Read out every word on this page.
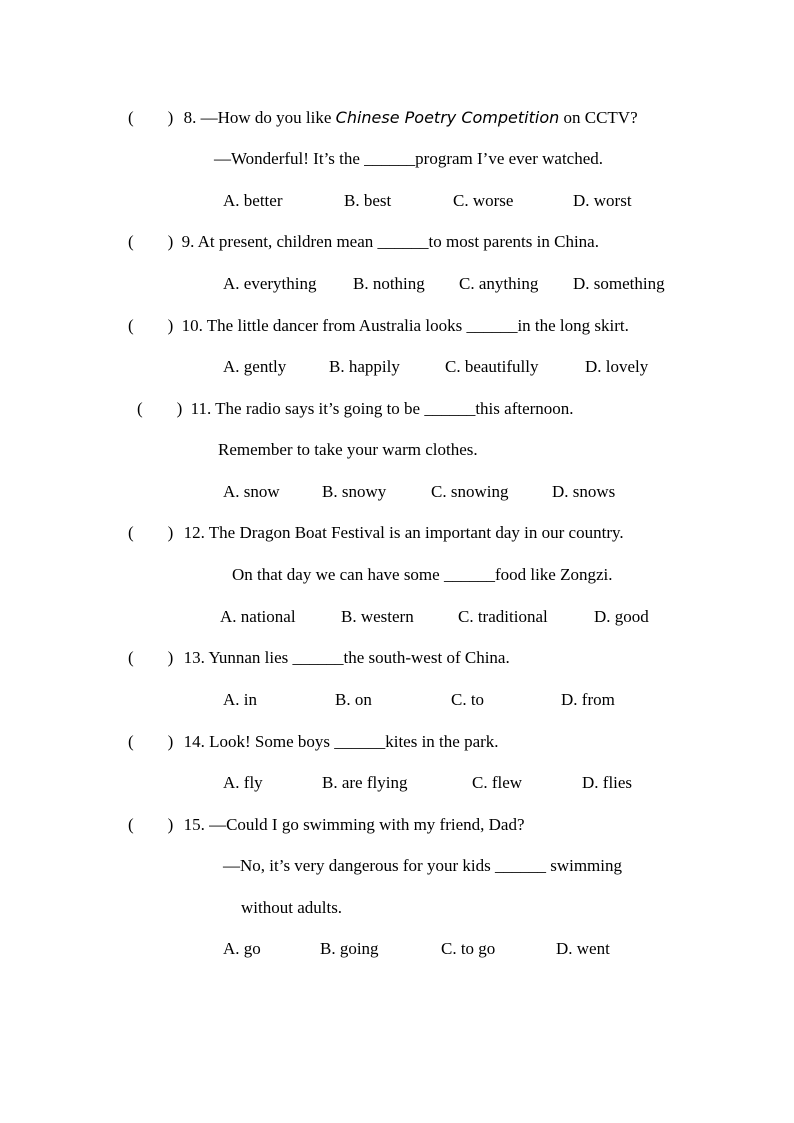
( ) 8. —How do you like Chinese Poetry Competition on CCTV?
—Wonderful! It’s the ______program I’ve ever watched.
A. better	B. best	C. worse	D. worst
( ) 9. At present, children mean ______to most parents in China.
A. everything B. nothing C. anything D. something
( ) 10. The little dancer from Australia looks ______in the long skirt.
A. gently	B. happily	C. beautifully	D. lovely
( ) 11. The radio says it’s going to be ______this afternoon.
Remember to take your warm clothes.
A. snow B. snowy	C. snowing	D. snows
( ) 12. The Dragon Boat Festival is an important day in our country.
On that day we can have some ______food like Zongzi.
A. national	B. western	C. traditional	D. good
( ) 13. Yunnan lies ______the south-west of China.
A. in	B. on	C. to	D. from
( ) 14. Look! Some boys ______kites in the park.
A. fly	B. are flying	C. flew	D. flies
( ) 15. —Could I go swimming with my friend, Dad?
—No, it’s very dangerous for your kids ______ swimming
without adults.
A. go	B. going	C. to go	D. went
